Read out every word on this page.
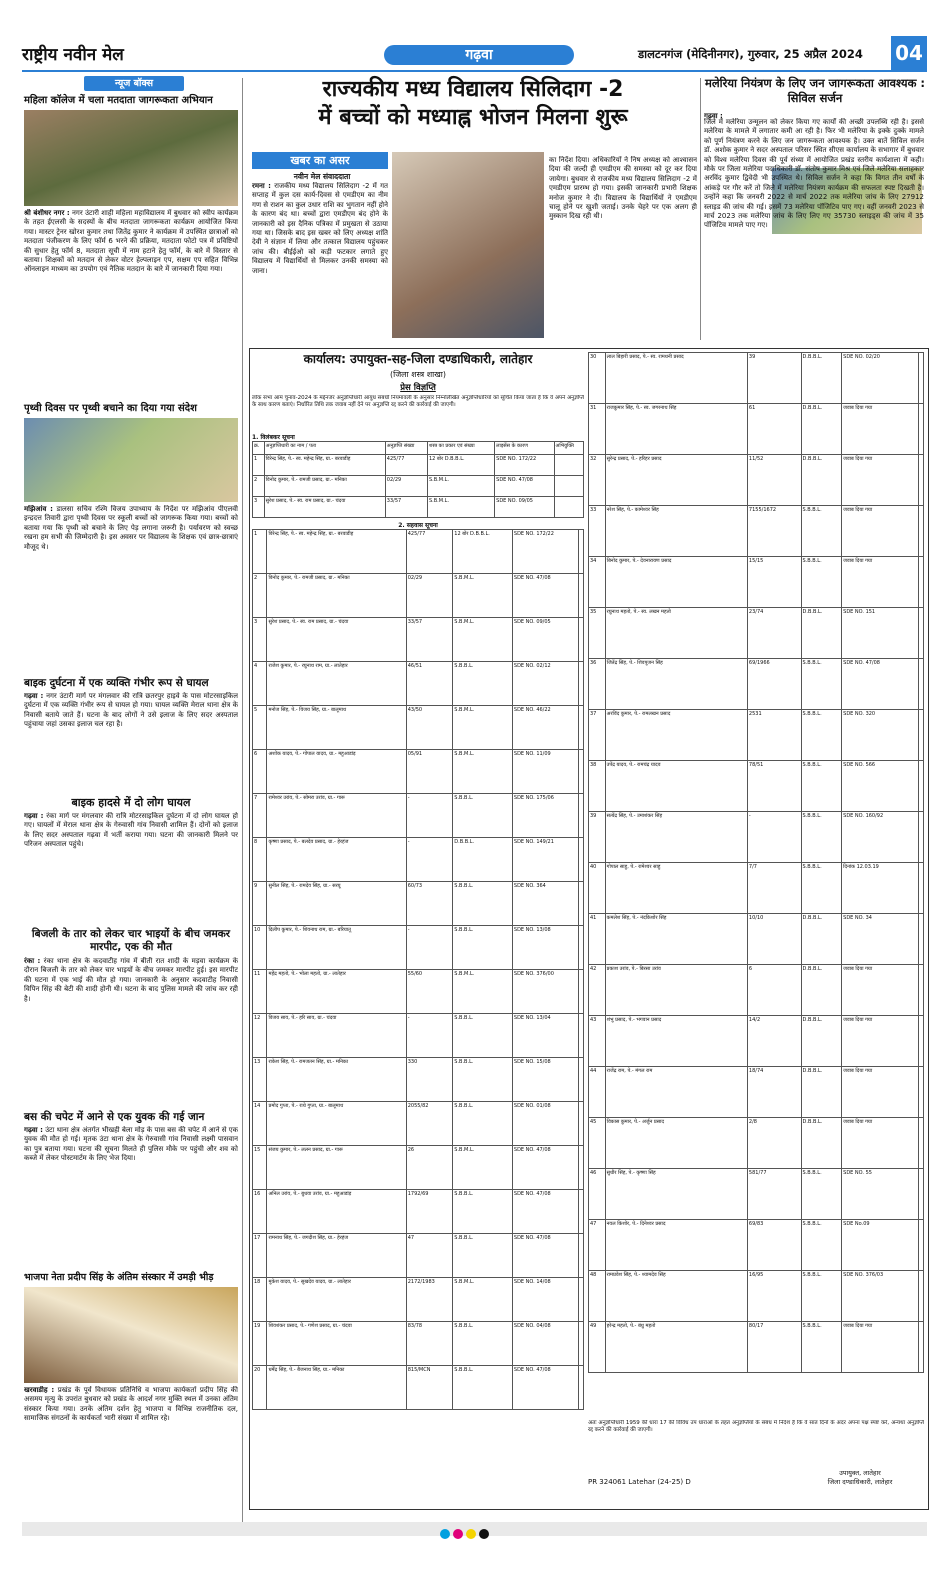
राष्ट्रीय नवीन मेल	गढ़वा	डालटनगंज (मेदिनीनगर), गुरुवार, 25 अप्रैल 2024 04
न्यूज बॉक्स
महिला कॉलेज में चला मतदाता जागरूकता अभियान
श्री बंशीधर नगर : नगर उंटारी शाही महिला महाविद्यालय में बुधवार को स्वीप कार्यक्रम के तहत ईएलसी के सदस्यों के बीच मतदाता जागरूकता कार्यक्रम आयोजित किया गया। मास्टर ट्रेनर खोरश कुमार तथा जितेंद्र कुमार ने कार्यक्रम में उपस्थित छात्राओं को मतदाता पंजीकरण के लिए फॉर्म 6 भरने की प्रक्रिया, मतदाता फोटो पत्र में प्रविष्टियों की सुधार हेतु फॉर्म 8, मतदाता सूची में नाम हटाने हेतु फॉर्म, के बारे में विस्तार से बताया। शिक्षकों को मतदान से लेकर वोटर हेल्पलाइन एप, सक्षम एप सहित विभिन्न ऑनलाइन माध्यम का उपयोग एवं नैतिक मतदान के बारे में जानकारी दिया गया।
पृथ्वी दिवस पर पृथ्वी बचाने का दिया गया संदेश
मझिआंव : डालसा सचिव रश्मि विजय उपाध्याय के निर्देश पर मझिआंव पीएलवी इन्द्रदत्त तिवारी द्वारा पृथ्वी दिवस पर स्कूली बच्चों को जागरूक किया गया। बच्चों को बताया गया कि पृथ्वी को बचाने के लिए पेड़ लगाना जरूरी है। पर्यावरण को स्वच्छ रखना हम सभी की जिम्मेदारी है। इस अवसर पर विद्यालय के शिक्षक एवं छात्र-छात्राएं मौजूद थे।
बाइक दुर्घटना में एक व्यक्ति गंभीर रूप से घायल
गढ़वा : नगर उंटारी मार्ग पर मंगलवार की रात्रि छतरपुर हाइवे के पास मोटरसाइकिल दुर्घटना में एक व्यक्ति गंभीर रूप से घायल हो गया। घायल व्यक्ति मेराल थाना क्षेत्र के निवासी बताये जाते हैं। घटना के बाद लोगों ने उसे इलाज के लिए सदर अस्पताल पहुंचाया जहां उसका इलाज चल रहा है।
बाइक हादसे में दो लोग घायल
गढ़वा : रंका मार्ग पर मंगलवार की रात्रि मोटरसाइकिल दुर्घटना में दो लोग घायल हो गए। घायलों में मेराल थाना क्षेत्र के गेरुवासी गांव निवासी शामिल हैं। दोनों को इलाज के लिए सदर अस्पताल गढ़वा में भर्ती कराया गया। घटना की जानकारी मिलने पर परिजन अस्पताल पहुंचे।
बिजली के तार को लेकर चार भाइयों के बीच जमकर मारपीट, एक की मौत
रंका : रंका थाना क्षेत्र के कदवाटीह गांव में बीती रात शादी के मड़वा कार्यक्रम के दौरान बिजली के तार को लेकर चार भाइयों के बीच जमकर मारपीट हुई। इस मारपीट की घटना में एक भाई की मौत हो गया। जानकारी के अनुसार कदवाटीह निवासी विपिन सिंह की बेटी की शादी होनी थी। घटना के बाद पुलिस मामले की जांच कर रही है।
बस की चपेट में आने से एक युवक की गई जान
गढ़वा : उंटा थाना क्षेत्र अंतर्गत भीखही बेला मोड़ के पास बस की चपेट में आने से एक युवक की मौत हो गई। मृतक उंटा थाना क्षेत्र के गेरुवासी गांव निवासी लक्ष्मी पासवान का पुत्र बताया गया। घटना की सूचना मिलते ही पुलिस मौके पर पहुंची और शव को कब्जे में लेकर पोस्टमार्टम के लिए भेज दिया।
भाजपा नेता प्रदीप सिंह के अंतिम संस्कार में उमड़ी भीड़
खरवाडीह : प्रखंड के पूर्व विधायक प्रतिनिधि व भाजपा कार्यकर्ता प्रदीप सिंह की असमय मृत्यु के उपरांत बुधवार को प्रखंड के आदर्श नगर मुक्ति स्थल में उनका अंतिम संस्कार किया गया। उनके अंतिम दर्शन हेतु भाजपा व विभिन्न राजनीतिक दल, सामाजिक संगठनों के कार्यकर्ता भारी संख्या में शामिल रहे।
राज्यकीय मध्य विद्यालय सिलिदाग -2
में बच्चों को मध्याह्न भोजन मिलना शुरू
खबर का असर
नवीन मेल संवाददाता
रमना : राजकीय मध्य विद्यालय सिलिदाग -2 में गत सप्ताह में कुल दस कार्य-दिवस से एमडीएम का नीम गण से राशन का कुल उधार राशि का भुगतान नहीं होने के कारण बंद था। बच्चों द्वारा एमडीएम बंद होने के जानकारी को इस दैनिक पत्रिका में प्रमुखता से उठाया गया था। जिसके बाद इस खबर को लिए अध्यक्ष शांति देवी ने संज्ञान में लिया और तत्काल विद्यालय पहुंचकर जांच की। बीईईओ को कड़ी फटकार लगाते हुए विद्यालय में विद्यार्थियों से मिलकर उनकी समस्या को जाना।
का निर्देश दिया। अधिकारियों ने निष अध्यक्ष को आश्वासन दिया की जल्दी ही एमडीएम की समस्या को दूर कर दिया जायेगा। बुधवार से राजकीय मध्य विद्यालय सिलिदाग -2 में एमडीएम प्रारम्भ हो गया। इसकी जानकारी प्रभारी शिक्षक मनोज कुमार ने दी। विद्यालय के विद्यार्थियों ने एमडीएम चालू होने पर खुशी जताई। उनके चेहरे पर एक अलग ही मुस्कान दिख रही थी।
मलेरिया नियंत्रण के लिए जन जागरूकता आवश्यक : सिविल सर्जन
गढ़वा :
जिले में मलेरिया उन्मूलन को लेकर किया गए कार्यों की अच्छी उपलब्धि रही है। इससे मलेरिया के मामले में लगातार कमी आ रही है। फिर भी मलेरिया के इक्के दुक्के मामले को पूर्ण नियंत्रण करने के लिए जन जागरूकता आवश्यक है। उक्त बातें सिविल सर्जन डॉ. अशोक कुमार ने सदर अस्पताल परिसर स्थित सीएस कार्यालय के सभागार में बुधवार को विश्व मलेरिया दिवस की पूर्व संध्या में आयोजित प्रखंड स्तरीय कार्यशाला में कही। मौके पर जिला मलेरिया पदाधिकारी डॉ. संतोष कुमार मिश्र एवं जिले मलेरिया सलाहकार अरविंद कुमार द्विवेदी भी उपस्थित थे। सिविल सर्जन ने कहा कि विगत तीन वर्षों के आंकड़े पर गौर करें तो जिले में मलेरिया नियंत्रण कार्यक्रम की सफलता स्पष्ट दिखती है। उन्होंने कहा कि जनवरी 2022 से मार्च 2022 तक मलेरिया जांच के लिए 27912 स्लाइड की जांच की गई। इसमें 73 मलेरिया पॉजिटिव पाए गए। वहीं जनवरी 2023 से मार्च 2023 तक मलेरिया जांच के लिए लिए गए 35730 स्लाइड्स की जांच में 35 पॉजिटिव मामले पाए गए।
कार्यालय: उपायुक्त-सह-जिला दण्डाधिकारी, लातेहार
(जिला शस्त्र शाखा)
प्रेस विज्ञप्ति
लोक सभा आम चुनाव-2024 के मद्देनजर अनुज्ञप्तिधारी आयुध संबंधी नियमावली के अनुसार निम्नलिखित अनुज्ञप्तिधारियों को सूचित किया जाता है कि वे अपने अनुज्ञप्ति के साथ कारण बताएं। निर्धारित तिथि तक जवाब नहीं देने पर अनुज्ञप्ति रद्द करने की कार्रवाई की जाएगी।
1. विलंबकर सूचना
क्र.	अनुज्ञप्तिधारी का नाम / पता	अनुज्ञप्ति संख्या	शस्त्र का प्रकार एवं संख्या	लाइसेंस के कारण	अभियुक्ति
1	विरेन्द्र सिंह, पे.- स्व. महेन्द्र सिंह, ग्रा.- बरवाडीह	425/77	12 बोर D.B.B.L.	SDE NO. 172/22	
2	विनोद कुमार, पे.- रामजी प्रसाद, ग्रा.- मनिका	02/29	S.B.M.L.	SDE NO. 47/08	
3	सुरेश प्रसाद, पे.- स्व. राम प्रसाद, ग्रा.- चंदवा	33/57	S.B.M.L.	SDE NO. 09/05	
2. सहवास सूचना
1	विरेन्द्र सिंह, पे.- स्व. महेन्द्र सिंह, ग्रा.- बरवाडीह	425/77	12 बोर D.B.B.L.	SDE NO. 172/22	
2	विनोद कुमार, पे.- रामजी प्रसाद, ग्रा.- मनिका	02/29	S.B.M.L.	SDE NO. 47/08	
3	सुरेश प्रसाद, पे.- स्व. राम प्रसाद, ग्रा.- चंदवा	33/57	S.B.M.L.	SDE NO. 09/05	
4	राजेश कुमार, पे.- रघुनाथ राम, ग्रा.- लातेहार	46/51	S.B.B.L.	SDE NO. 02/12	
5	मनोज सिंह, पे.- विजय सिंह, ग्रा.- बालूमाथ	43/50	S.B.M.L.	SDE NO. 46/22	
6	अशोक यादव, पे.- गोपाल यादव, ग्रा.- महुआडांड़	05/91	S.B.M.L.	SDE NO. 11/09	
7	रामेश्वर उरांव, पे.- सोमरा उरांव, ग्रा.- गारू	-	S.B.B.L.	SDE NO. 175/06	
8	कृष्णा प्रसाद, पे.- बलदेव प्रसाद, ग्रा.- हेरहंज	-	D.B.B.L.	SDE NO. 149/21	
9	सुनील सिंह, पे.- रामदेव सिंह, ग्रा.- सरयू	60/73	S.B.B.L.	SDE NO. 364	
10	दिलीप कुमार, पे.- शिवनाथ राम, ग्रा.- बरियातू	-	S.B.B.L.	SDE NO. 13/08	
11	महेंद्र महतो, पे.- भोला महतो, ग्रा.- लातेहार	55/60	S.B.M.L.	SDE NO. 376/00	
12	विजय साव, पे.- हरि साव, ग्रा.- चंदवा	-	S.B.B.L.	SDE NO. 13/04	
13	राकेश सिंह, पे.- रामजतन सिंह, ग्रा.- मनिका	330	S.B.B.L.	SDE NO. 15/08	
14	प्रमोद गुप्ता, पे.- राधे गुप्ता, ग्रा.- बालूमाथ	2055/82	S.B.B.L.	SDE NO. 01/08	
15	संजय कुमार, पे.- ललन प्रसाद, ग्रा.- गारू	26	S.B.M.L.	SDE NO. 47/08	
16	अनिल उरांव, पे.- बुधवा उरांव, ग्रा.- महुआडांड़	1792/69	S.B.B.L.	SDE NO. 47/08	
17	रामनाथ सिंह, पे.- जगदीश सिंह, ग्रा.- हेरहंज	47	S.B.B.L.	SDE NO. 47/08	
18	मुकेश यादव, पे.- सुखदेव यादव, ग्रा.- लातेहार	2172/1983	S.B.M.L.	SDE NO. 14/08	
19	शिवशंकर प्रसाद, पे.- गणेश प्रसाद, ग्रा.- चंदवा	83/78	S.B.B.L.	SDE NO. 04/08	
20	धर्मेंद्र सिंह, पे.- बैजनाथ सिंह, ग्रा.- मनिका	815/MCN	S.B.B.L.	SDE NO. 47/08	
30	लाल बिहारी प्रसाद, पे.- स्व. रामधनी प्रसाद	39	D.B.B.L.	SDE NO. 02/20	
31	राजकुमार सिंह, पे.- स्व. जगरनाथ सिंह	61	D.B.B.L.	जवाब दिया गया	
32	सुरेन्द्र प्रसाद, पे.- हरिहर प्रसाद	11/52	D.B.B.L.	जवाब दिया गया	
33	नरेश सिंह, पे.- कामेश्वर सिंह	7155/1672	S.B.B.L.	जवाब दिया गया	
34	बिनोद कुमार, पे.- देवनारायण प्रसाद	15/15	S.B.B.L.	जवाब दिया गया	
35	रघुनाथ महतो, पे.- स्व. लखन महतो	23/74	D.B.B.L.	SDE NO. 151	
36	जितेंद्र सिंह, पे.- शिवपूजन सिंह	69/1966	S.B.B.L.	SDE NO. 47/08	
37	अरविंद कुमार, पे.- रामलखन प्रसाद	2531	S.B.B.L.	SDE NO. 320	
38	उपेंद्र यादव, पे.- रामचंद्र यादव	78/51	S.B.B.L.	SDE NO. 566	
39	सत्येंद्र सिंह, पे.- उमाशंकर सिंह	-	S.B.B.L.	SDE NO. 160/92	
40	गोपाल साहु, पे.- रामेश्वर साहु	7/7	S.B.B.L.	दिनांक 12.03.19	
41	कमलेश सिंह, पे.- नंदकिशोर सिंह	10/10	D.B.B.L.	SDE NO. 34	
42	प्रकाश उरांव, पे.- बिरसा उरांव	6	D.B.B.L.	जवाब दिया गया	
43	शंभु प्रसाद, पे.- भगवान प्रसाद	14/2	D.B.B.L.	जवाब दिया गया	
44	राजेंद्र राम, पे.- मंगल राम	18/74	D.B.B.L.	जवाब दिया गया	
45	विकास कुमार, पे.- अर्जुन प्रसाद	2/8	D.B.B.L.	जवाब दिया गया	
46	सुधीर सिंह, पे.- कृष्णा सिंह	581/77	S.B.B.L.	SDE NO. 55	
47	नवल किशोर, पे.- दिनेश्वर प्रसाद	69/83	S.B.B.L.	SDE No.09	
48	रामप्रवेश सिंह, पे.- श्यामदेव सिंह	16/95	S.B.B.L.	SDE NO. 376/03	
49	हरेन्द्र महतो, पे.- बंधु महतो	80/17	S.B.B.L.	जवाब दिया गया	
अतः अनुज्ञप्तिधारी 1959 की धारा 17 की विविध उप धाराओं के तहत अनुज्ञप्तियों के संबंध में निदेश है कि वे सात दिनों के अंदर अपना पक्ष स्पष्ट करें, अन्यथा अनुज्ञप्ति रद्द करने की कार्रवाई की जाएगी।
PR 324061 Latehar (24-25) D
उपायुक्त, लातेहार
जिला दण्डाधिकारी, लातेहार
